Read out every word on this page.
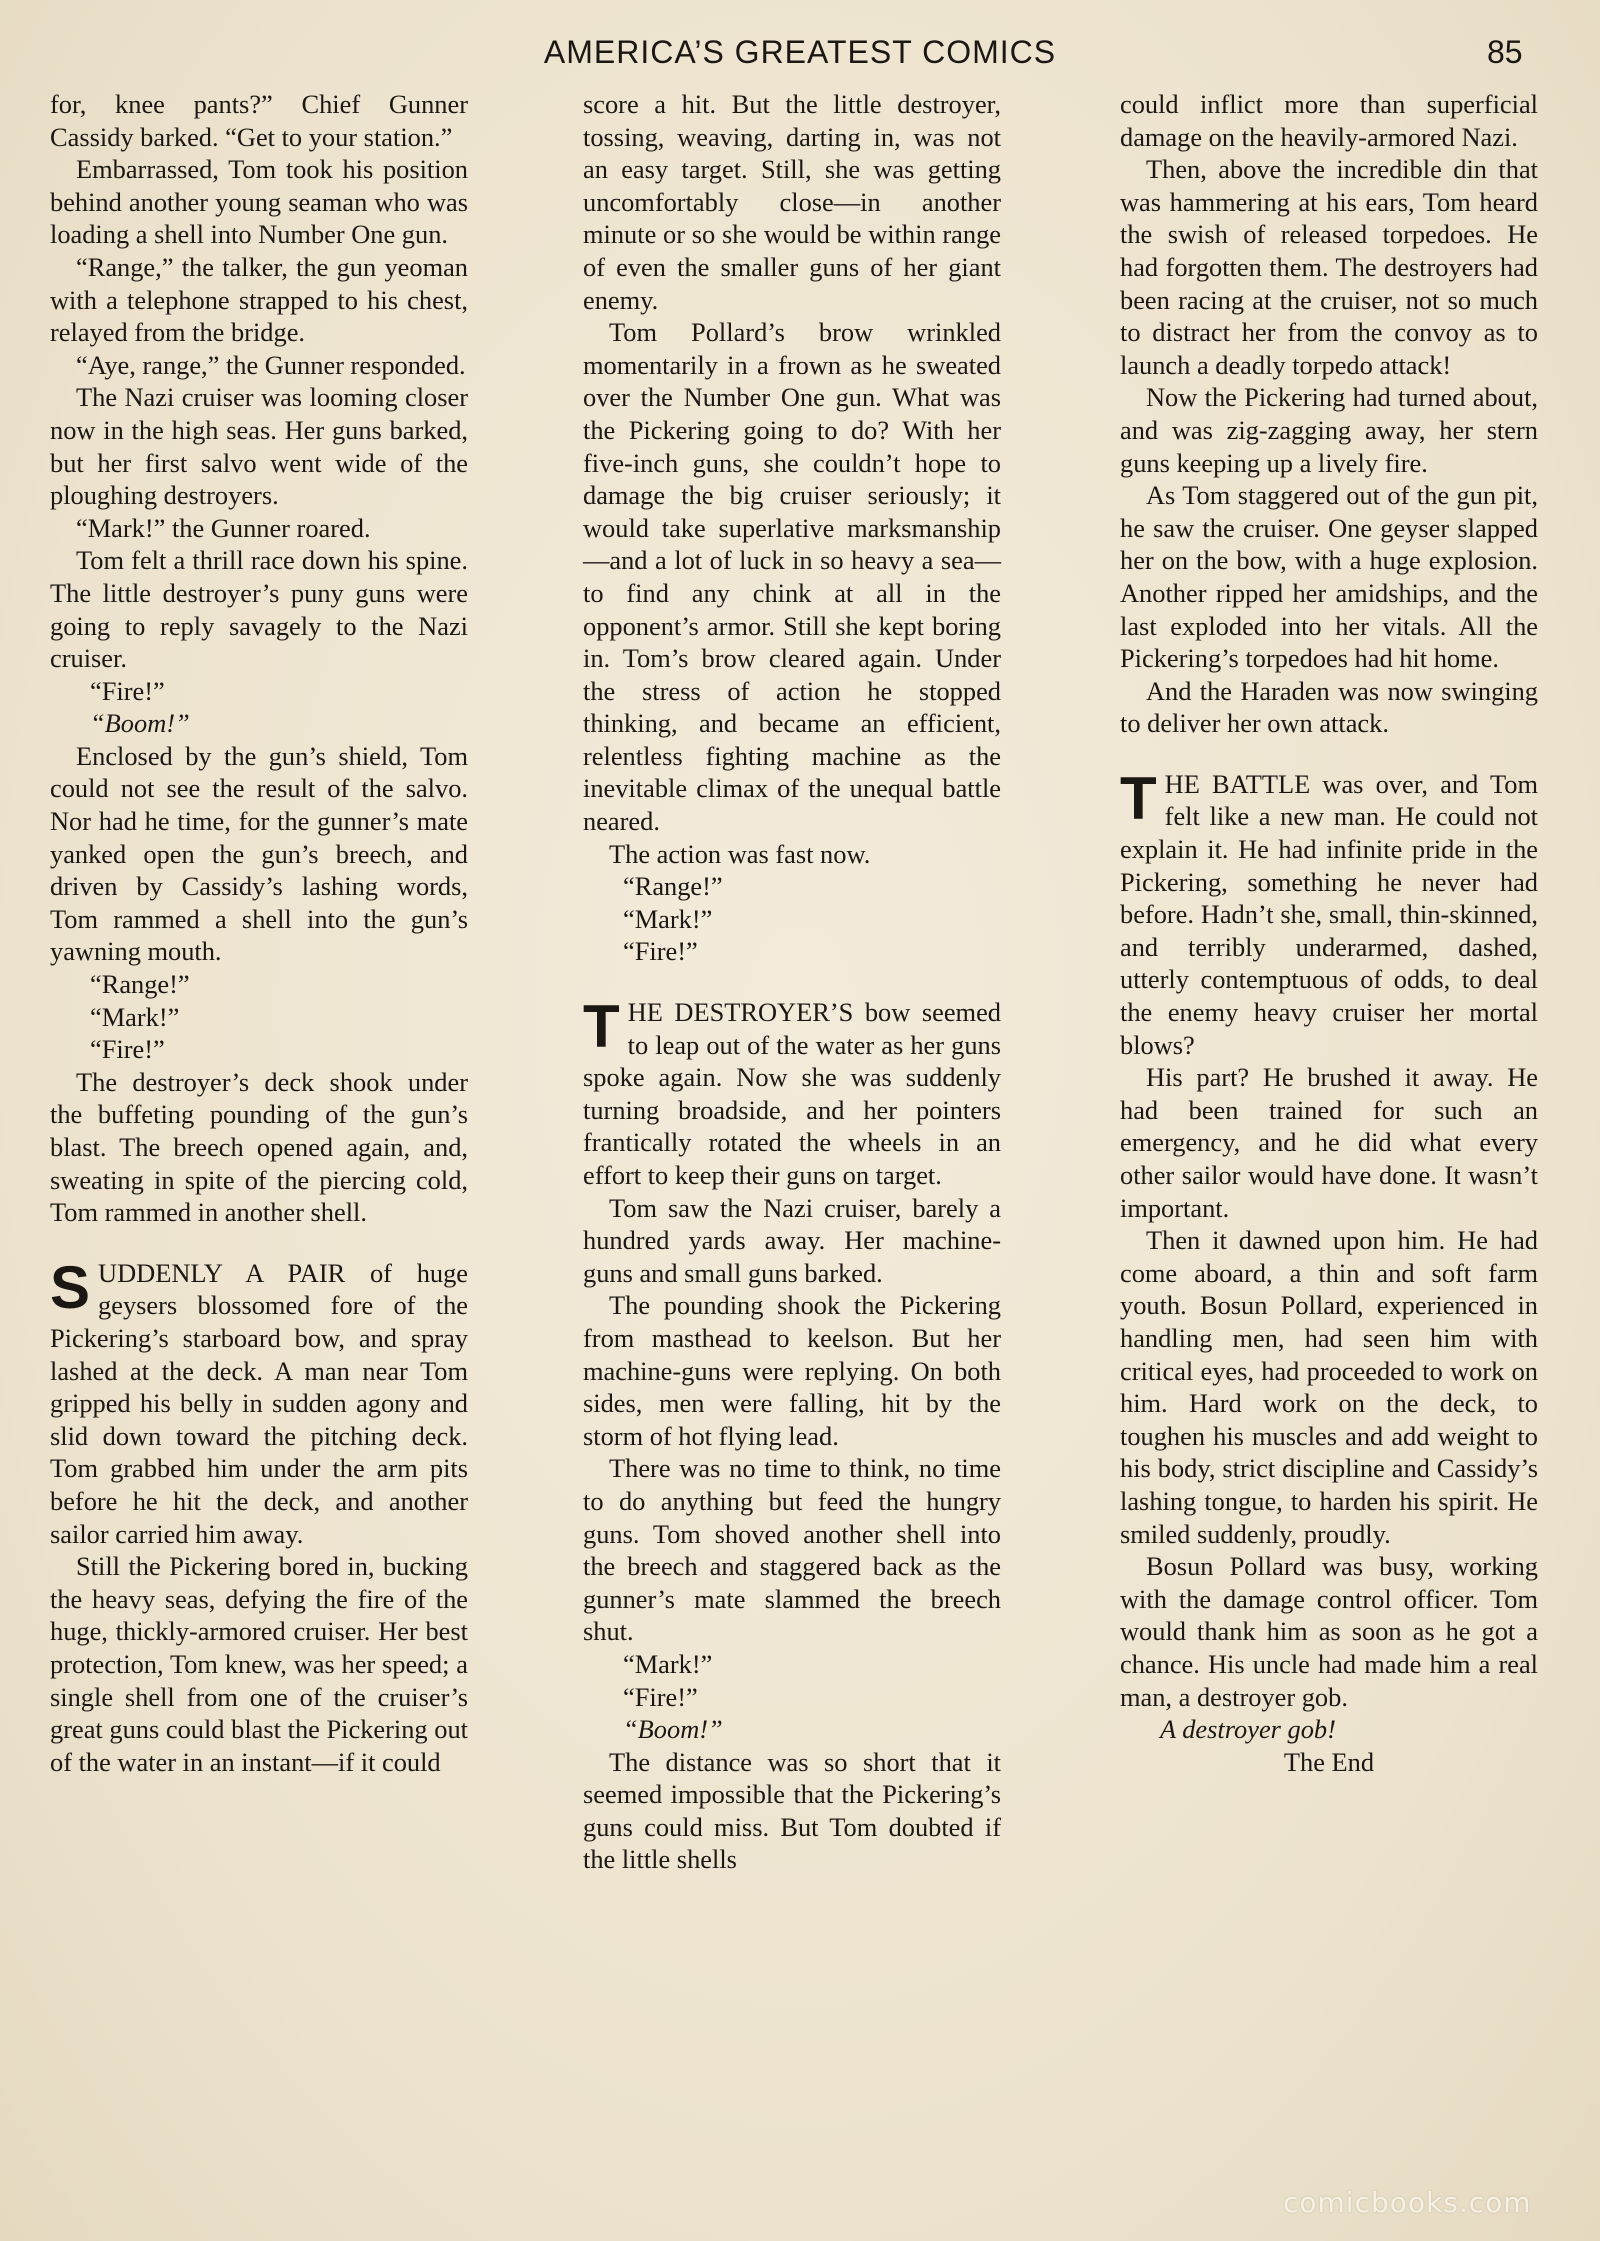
AMERICA’S GREATEST COMICS	85

for, knee pants?” Chief Gunner Cassidy barked. “Get to your station.”

Embarrassed, Tom took his position behind another young seaman who was loading a shell into Number One gun.

“Range,” the talker, the gun yeoman with a telephone strapped to his chest, relayed from the bridge.

“Aye, range,” the Gunner responded.

The Nazi cruiser was looming closer now in the high seas. Her guns barked, but her first salvo went wide of the ploughing destroyers.

“Mark!” the Gunner roared.

Tom felt a thrill race down his spine. The little destroyer’s puny guns were going to reply savagely to the Nazi cruiser.

“Fire!”

“Boom!”

Enclosed by the gun’s shield, Tom could not see the result of the salvo. Nor had he time, for the gunner’s mate yanked open the gun’s breech, and driven by Cassidy’s lashing words, Tom rammed a shell into the gun’s yawning mouth.

“Range!”

“Mark!”

“Fire!”

The destroyer’s deck shook under the buffeting pounding of the gun’s blast. The breech opened again, and, sweating in spite of the piercing cold, Tom rammed in another shell.

SUDDENLY A PAIR of huge geysers blossomed fore of the Pickering’s starboard bow, and spray lashed at the deck. A man near Tom gripped his belly in sudden agony and slid down toward the pitching deck. Tom grabbed him under the arm pits before he hit the deck, and another sailor carried him away.

Still the Pickering bored in, bucking the heavy seas, defying the fire of the huge, thickly-armored cruiser. Her best protection, Tom knew, was her speed; a single shell from one of the cruiser’s great guns could blast the Pickering out of the water in an instant—if it could

score a hit. But the little destroyer, tossing, weaving, darting in, was not an easy target. Still, she was getting uncomfortably close—in another minute or so she would be within range of even the smaller guns of her giant enemy.

Tom Pollard’s brow wrinkled momentarily in a frown as he sweated over the Number One gun. What was the Pickering going to do? With her five-inch guns, she couldn’t hope to damage the big cruiser seriously; it would take superlative marksmanship—and a lot of luck in so heavy a sea—to find any chink at all in the opponent’s armor. Still she kept boring in. Tom’s brow cleared again. Under the stress of action he stopped thinking, and became an efficient, relentless fighting machine as the inevitable climax of the unequal battle neared.

The action was fast now.

“Range!”

“Mark!”

“Fire!”

THE DESTROYER’S bow seemed to leap out of the water as her guns spoke again. Now she was suddenly turning broadside, and her pointers frantically rotated the wheels in an effort to keep their guns on target.

Tom saw the Nazi cruiser, barely a hundred yards away. Her machine-guns and small guns barked.

The pounding shook the Pickering from masthead to keelson. But her machine-guns were replying. On both sides, men were falling, hit by the storm of hot flying lead.

There was no time to think, no time to do anything but feed the hungry guns. Tom shoved another shell into the breech and staggered back as the gunner’s mate slammed the breech shut.

“Mark!”

“Fire!”

“Boom!”

The distance was so short that it seemed impossible that the Pickering’s guns could miss. But Tom doubted if the little shells

could inflict more than superficial damage on the heavily-armored Nazi.

Then, above the incredible din that was hammering at his ears, Tom heard the swish of released torpedoes. He had forgotten them. The destroyers had been racing at the cruiser, not so much to distract her from the convoy as to launch a deadly torpedo attack!

Now the Pickering had turned about, and was zig-zagging away, her stern guns keeping up a lively fire.

As Tom staggered out of the gun pit, he saw the cruiser. One geyser slapped her on the bow, with a huge explosion. Another ripped her amidships, and the last exploded into her vitals. All the Pickering’s torpedoes had hit home.

And the Haraden was now swinging to deliver her own attack.

THE BATTLE was over, and Tom felt like a new man. He could not explain it. He had infinite pride in the Pickering, something he never had before. Hadn’t she, small, thin-skinned, and terribly underarmed, dashed, utterly contemptuous of odds, to deal the enemy heavy cruiser her mortal blows?

His part? He brushed it away. He had been trained for such an emergency, and he did what every other sailor would have done. It wasn’t important.

Then it dawned upon him. He had come aboard, a thin and soft farm youth. Bosun Pollard, experienced in handling men, had seen him with critical eyes, had proceeded to work on him. Hard work on the deck, to toughen his muscles and add weight to his body, strict discipline and Cassidy’s lashing tongue, to harden his spirit. He smiled suddenly, proudly.

Bosun Pollard was busy, working with the damage control officer. Tom would thank him as soon as he got a chance. His uncle had made him a real man, a destroyer gob.

A destroyer gob!

The End

comicbooks.com
